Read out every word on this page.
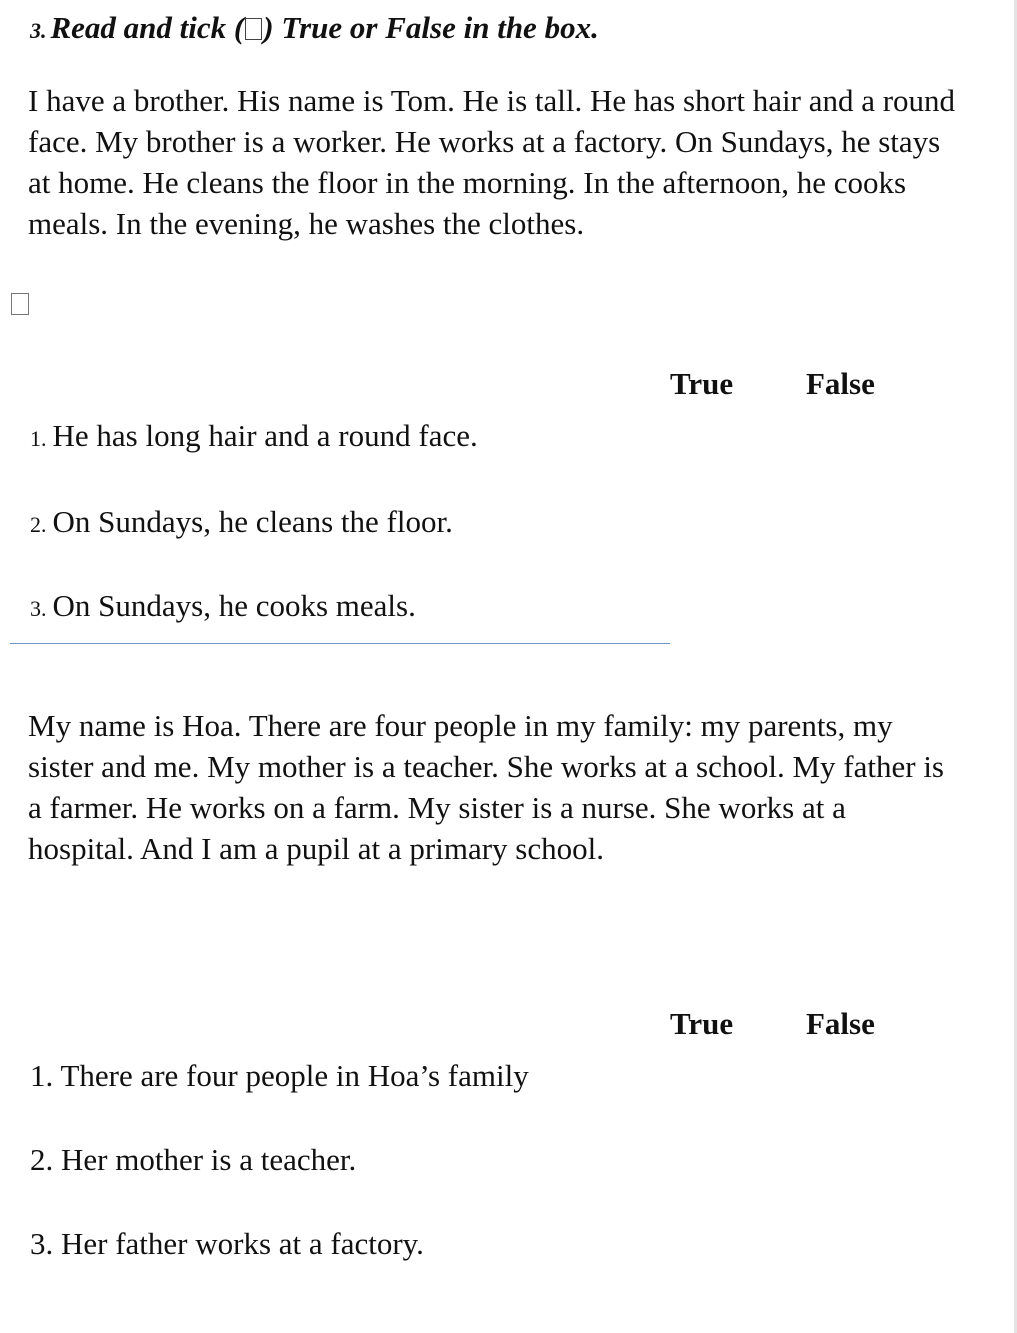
3. Read and tick ( ) True or False in the box.
I have a brother. His name is Tom. He is tall. He has short hair and a round face. My brother is a worker. He works at a factory. On Sundays, he stays at home. He cleans the floor in the morning. In the afternoon, he cooks meals. In the evening, he washes the clothes.
True False
1. He has long hair and a round face.
2. On Sundays, he cleans the floor.
3. On Sundays, he cooks meals.
My name is Hoa. There are four people in my family: my parents, my sister and me. My mother is a teacher. She works at a school. My father is a farmer. He works on a farm. My sister is a nurse. She works at a hospital. And I am a pupil at a primary school.
True False
1. There are four people in Hoa’s family
2. Her mother is a teacher.
3. Her father works at a factory.
